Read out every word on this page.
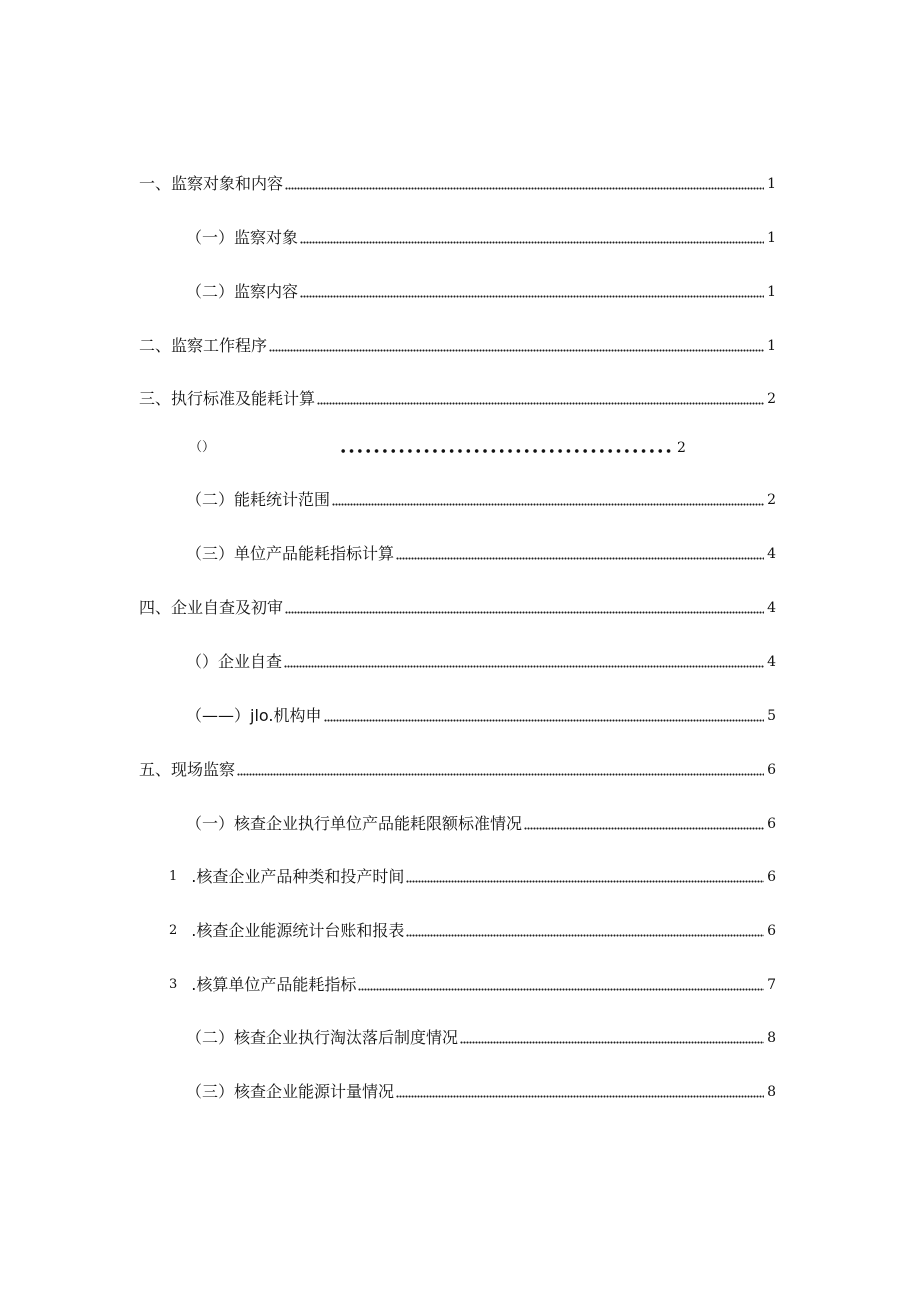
一、监察对象和内容	1
（一）监察对象	1
（二）监察内容	1
二、监察工作程序	1
三、执行标准及能耗计算	2
（）	2
（二）能耗统计范围	2
（三）单位产品能耗指标计算	4
四、企业自查及初审	4
（）企业自查	4
（——）jlo.机构申	5
五、现场监察	6
（一）核查企业执行单位产品能耗限额标准情况	6
1 .核查企业产品种类和投产时间	6
2 .核查企业能源统计台账和报表	6
3 .核算单位产品能耗指标	7
（二）核查企业执行淘汰落后制度情况	8
（三）核查企业能源计量情况	8
